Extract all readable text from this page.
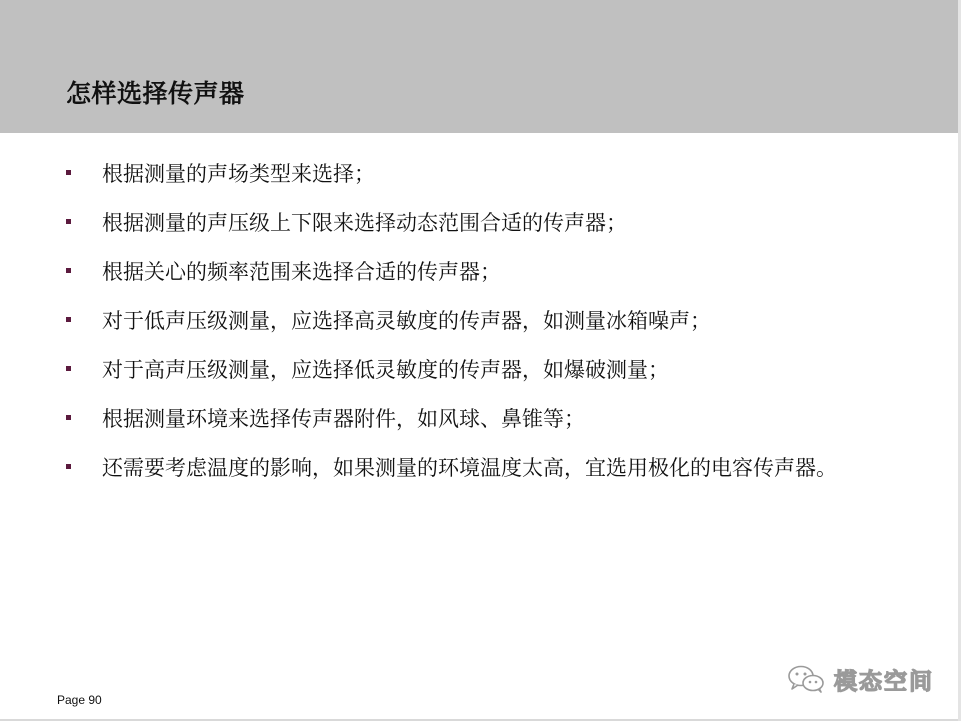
怎样选择传声器
根据测量的声场类型来选择；
根据测量的声压级上下限来选择动态范围合适的传声器；
根据关心的频率范围来选择合适的传声器；
对于低声压级测量，应选择高灵敏度的传声器，如测量冰箱噪声；
对于高声压级测量，应选择低灵敏度的传声器，如爆破测量；
根据测量环境来选择传声器附件，如风球、鼻锥等；
还需要考虑温度的影响，如果测量的环境温度太高，宜选用极化的电容传声器。
Page 90
模态空间
